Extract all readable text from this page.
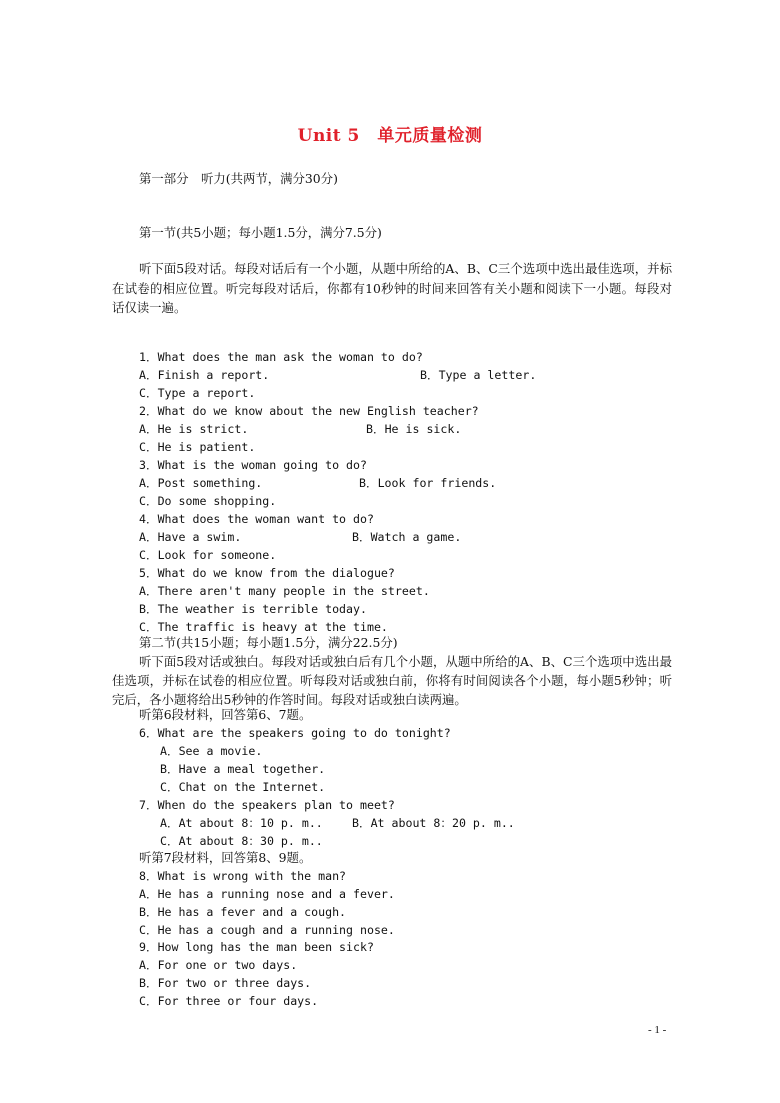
Unit 5　单元质量检测
第一部分　听力(共两节，满分30分)
第一节(共5小题；每小题1.5分，满分7.5分)
听下面5段对话。每段对话后有一个小题，从题中所给的A、B、C三个选项中选出最佳选项，并标在试卷的相应位置。听完每段对话后，你都有10秒钟的时间来回答有关小题和阅读下一小题。每段对话仅读一遍。
1．What does the man ask the woman to do?
A．Finish a report.	B．Type a letter.
C．Type a report.
2．What do we know about the new English teacher?
A．He is strict.	B．He is sick.
C．He is patient.
3．What is the woman going to do?
A．Post something.	B．Look for friends.
C．Do some shopping.
4．What does the woman want to do?
A．Have a swim.	B．Watch a game.
C．Look for someone.
5．What do we know from the dialogue?
A．There aren't many people in the street.
B．The weather is terrible today.
C．The traffic is heavy at the time.
第二节(共15小题；每小题1.5分，满分22.5分)
听下面5段对话或独白。每段对话或独白后有几个小题，从题中所给的A、B、C三个选项中选出最佳选项，并标在试卷的相应位置。听每段对话或独白前，你将有时间阅读各个小题，每小题5秒钟；听完后，各小题将给出5秒钟的作答时间。每段对话或独白读两遍。
听第6段材料，回答第6、7题。
6．What are the speakers going to do tonight?
A．See a movie.
B．Have a meal together.
C．Chat on the Internet.
7．When do the speakers plan to meet?
A．At about 8：10 p. m..	B．At about 8：20 p. m..
C．At about 8：30 p. m..
听第7段材料，回答第8、9题。
8．What is wrong with the man?
A．He has a running nose and a fever.
B．He has a fever and a cough.
C．He has a cough and a running nose.
9．How long has the man been sick?
A．For one or two days.
B．For two or three days.
C．For three or four days.
- 1 -
